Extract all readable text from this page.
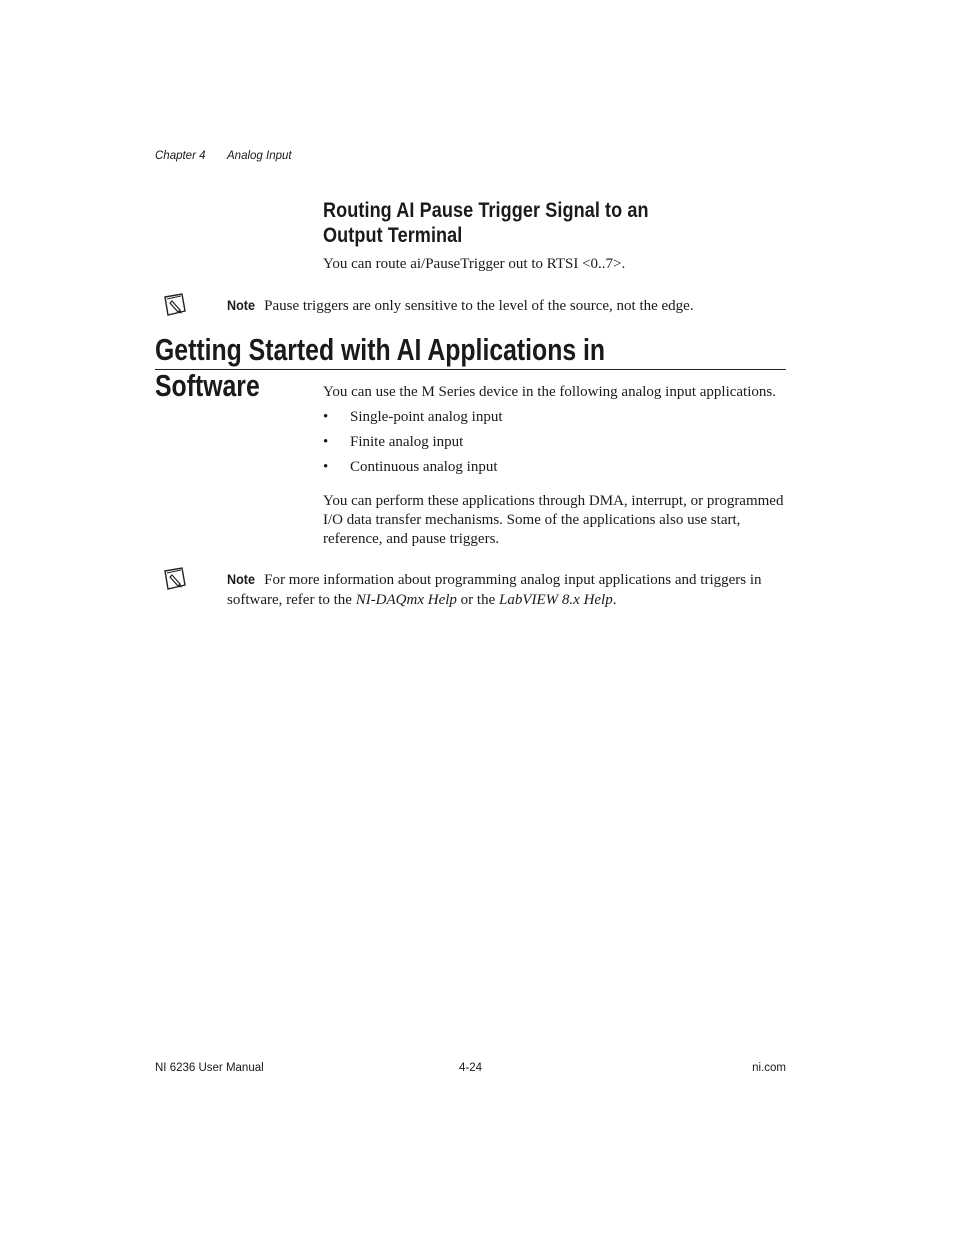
Chapter 4 Analog Input
Routing AI Pause Trigger Signal to an Output Terminal
You can route ai/PauseTrigger out to RTSI <0..7>.
Note Pause triggers are only sensitive to the level of the source, not the edge.
Getting Started with AI Applications in Software	You can use the M Series device in the following analog input applications.
• Single-point analog input
• Finite analog input
• Continuous analog input
You can perform these applications through DMA, interrupt, or programmed I/O data transfer mechanisms. Some of the applications also use start, reference, and pause triggers.
Note For more information about programming analog input applications and triggers in software, refer to the NI-DAQmx Help or the LabVIEW 8.x Help.
NI 6236 User Manual	4-24	ni.com
